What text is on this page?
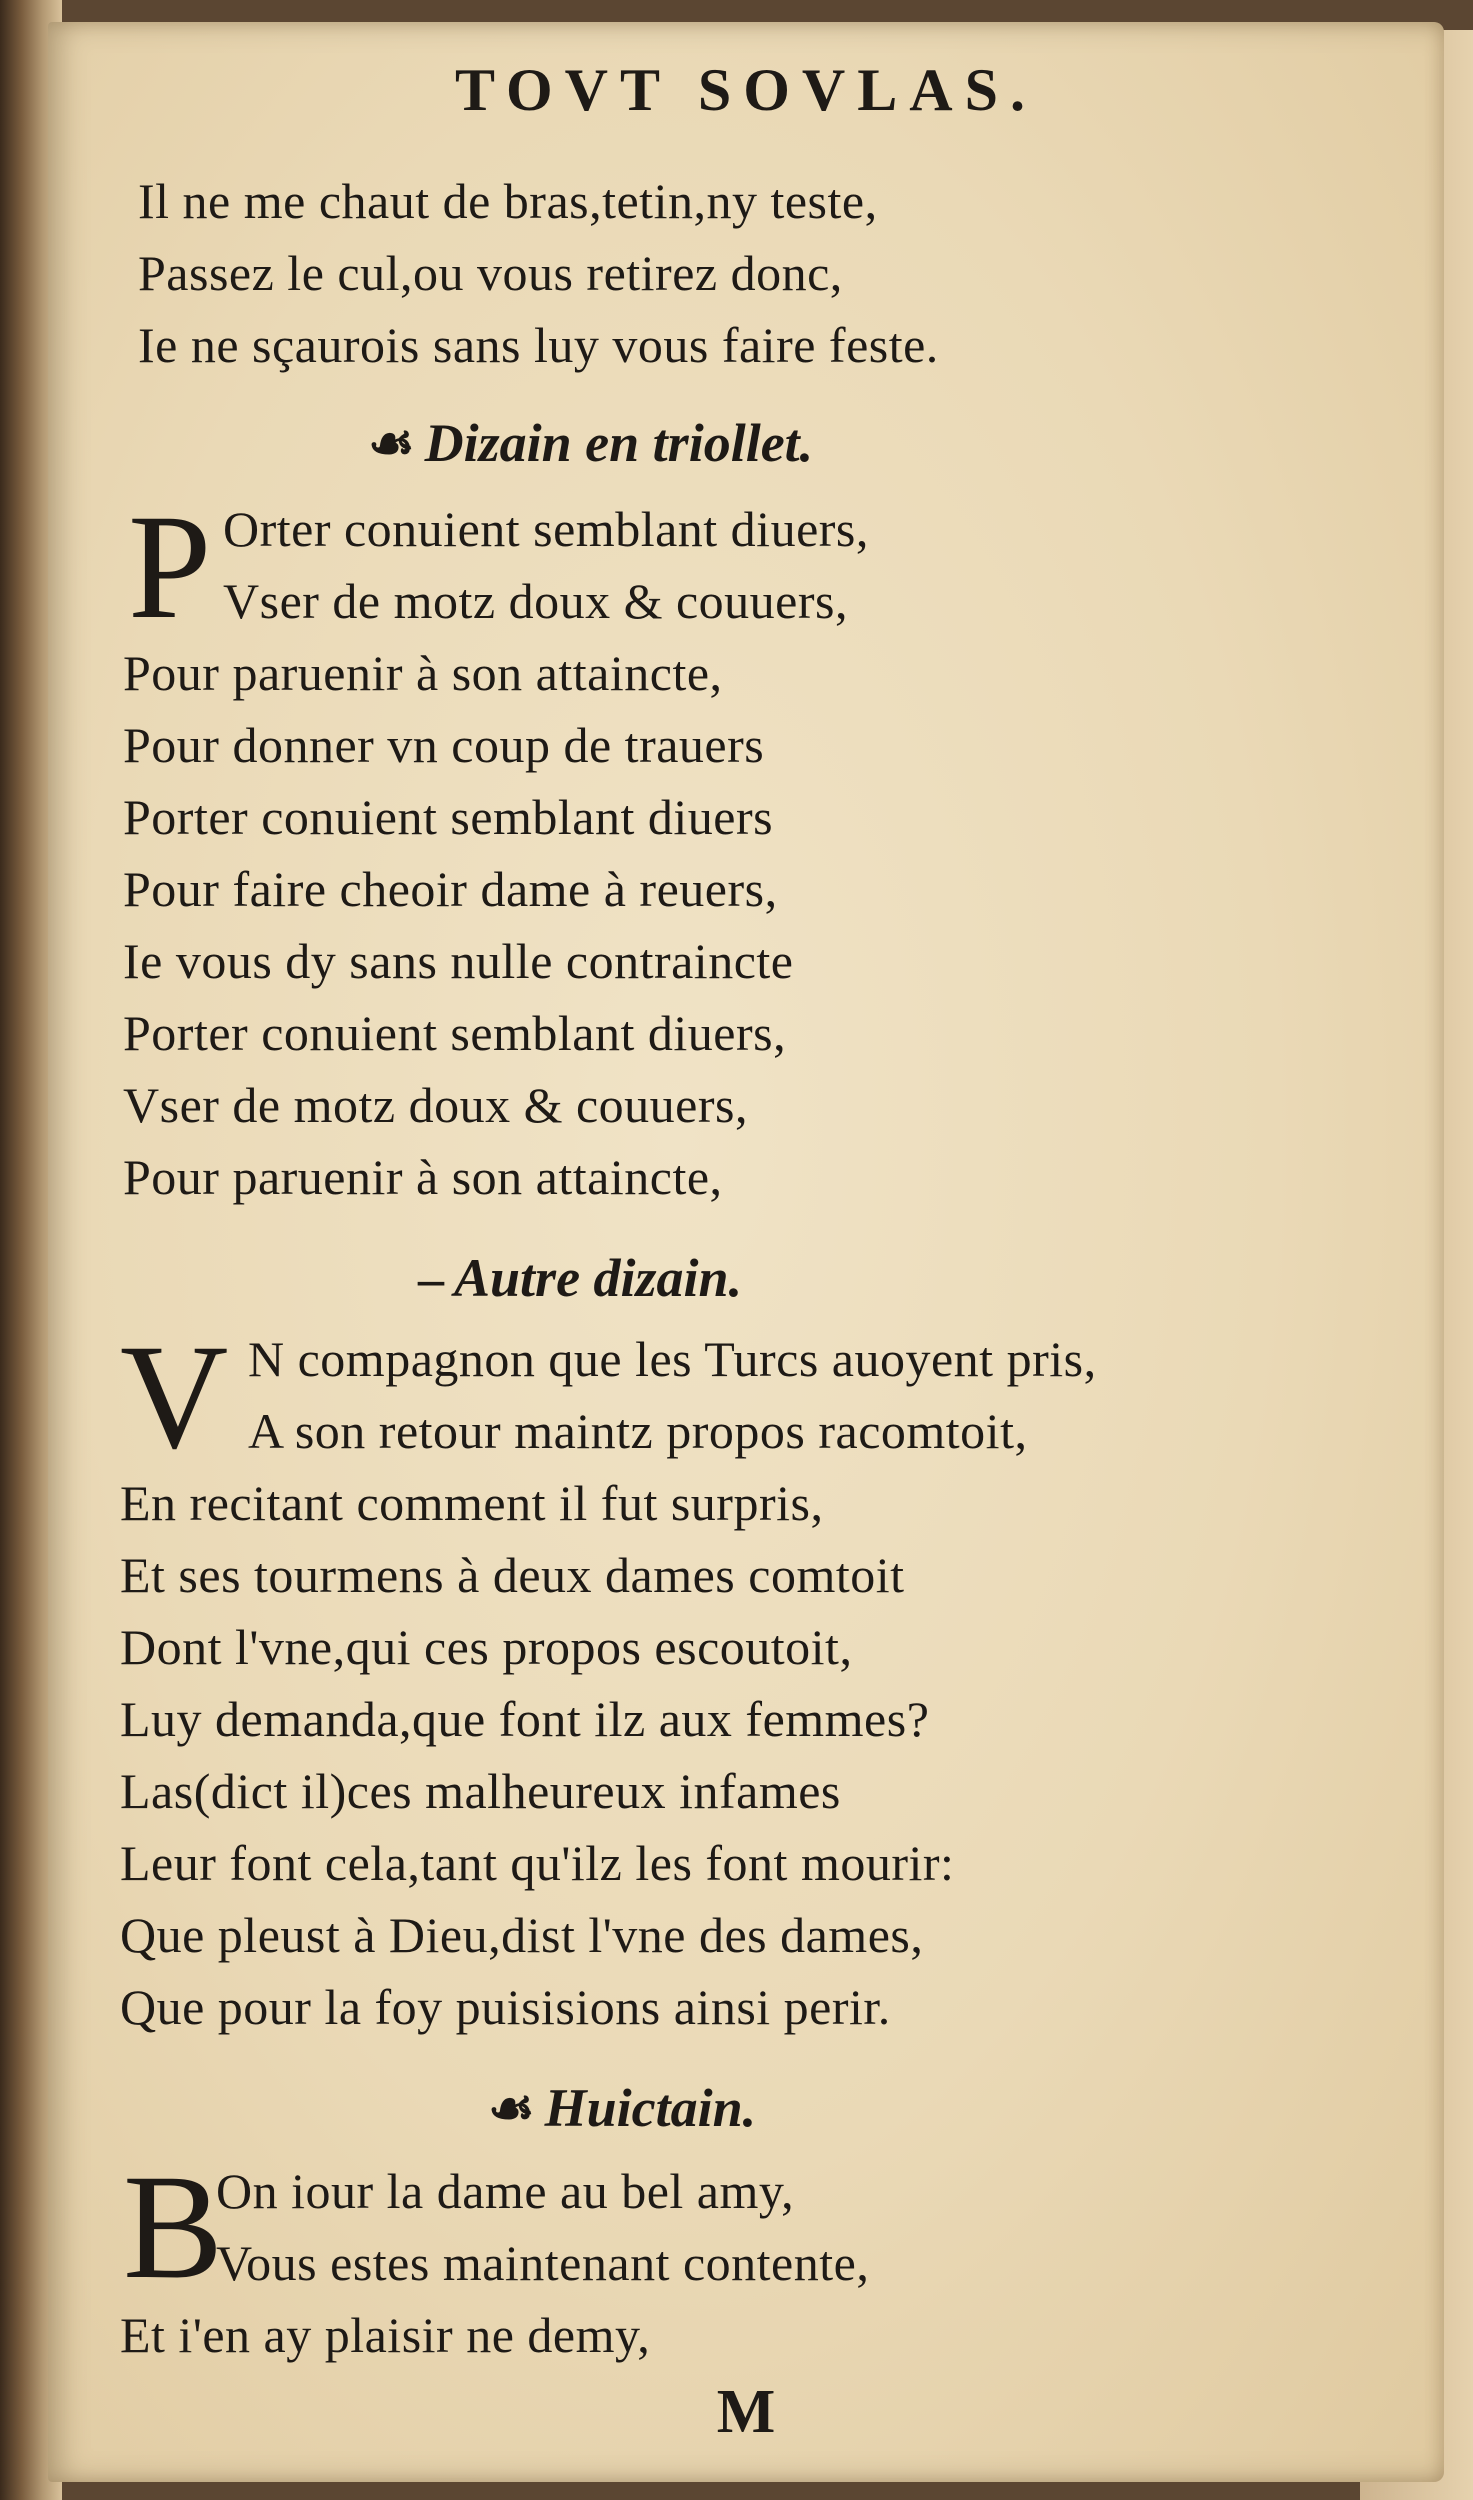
TOVT SOVLAS.
Il ne me chaut de bras,tetin,ny teste,
Passez le cul,ou vous retirez donc,
Ie ne sçaurois sans luy vous faire feste.
☙ Dizain en triollet.
P Orter conuient semblant diuers,
Vser de motz doux & couuers,
Pour paruenir à son attaincte,
Pour donner vn coup de trauers
Porter conuient semblant diuers
Pour faire cheoir dame à reuers,
Ie vous dy sans nulle contraincte
Porter conuient semblant diuers,
Vser de motz doux & couuers,
Pour paruenir à son attaincte,
– Autre dizain.
V N compagnon que les Turcs auoyent pris,
A son retour maintz propos racomtoit,
En recitant comment il fut surpris,
Et ses tourmens à deux dames comtoit
Dont l'vne,qui ces propos escoutoit,
Luy demanda,que font ilz aux femmes?
Las(dict il)ces malheureux infames
Leur font cela,tant qu'ilz les font mourir:
Que pleust à Dieu,dist l'vne des dames,
Que pour la foy puisisions ainsi perir.
☙ Huictain.
B
On iour la dame au bel amy,
Vous estes maintenant contente,
Et i'en ay plaisir ne demy,
M
